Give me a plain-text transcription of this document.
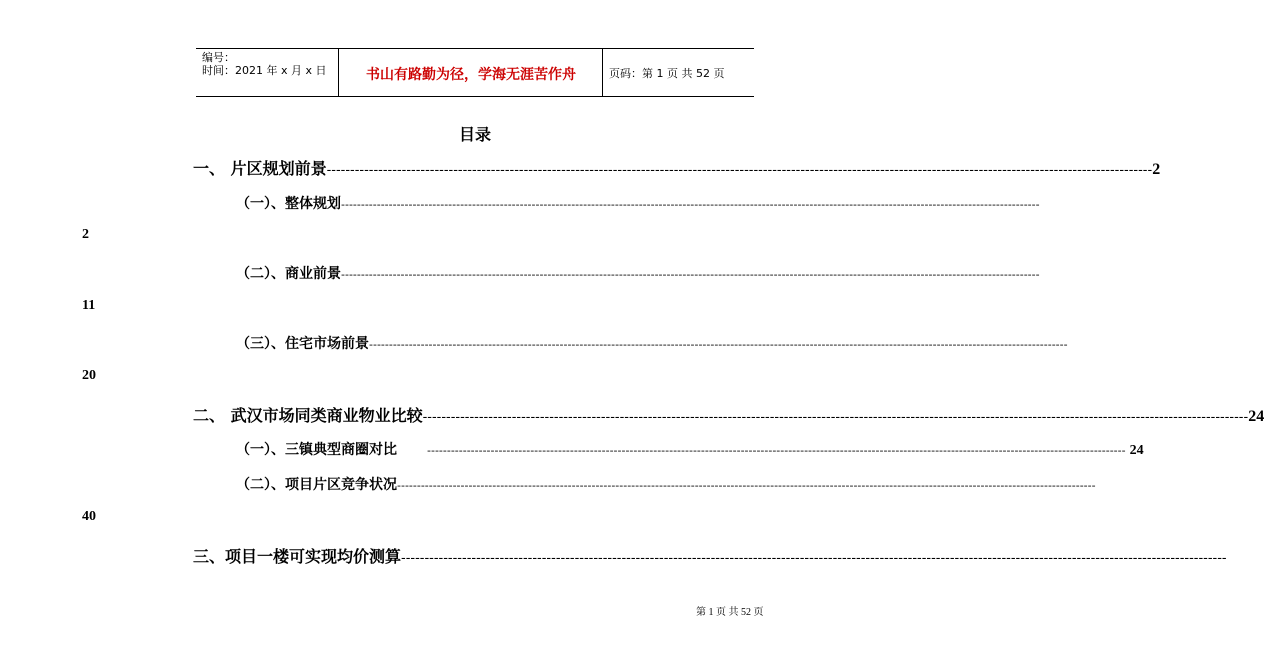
编号：
时间：2021 年 x 月 x 日	书山有路勤为径，学海无涯苦作舟	页码：第 1 页 共 52 页
目录
一、 片区规划前景 -------------------------------------------------------------------------------------------------------------------------------------------------------------------------------- 2
（一）、整体规划 --------------------------------------------------------------------------------------------------------------------------------------------------------------------------------
2
（二）、商业前景 --------------------------------------------------------------------------------------------------------------------------------------------------------------------------------
11
（三）、住宅市场前景 --------------------------------------------------------------------------------------------------------------------------------------------------------------------------------
20
二、 武汉市场同类商业物业比较 -------------------------------------------------------------------------------------------------------------------------------------------------------------------------------- 24
（一）、三镇典型商圈对比	-------------------------------------------------------------------------------------------------------------------------------------------------------------------------------- 24
（二）、项目片区竞争状况 --------------------------------------------------------------------------------------------------------------------------------------------------------------------------------
40
三、项目一楼可实现均价测算 --------------------------------------------------------------------------------------------------------------------------------------------------------------------------------
第 1 页 共 52 页
